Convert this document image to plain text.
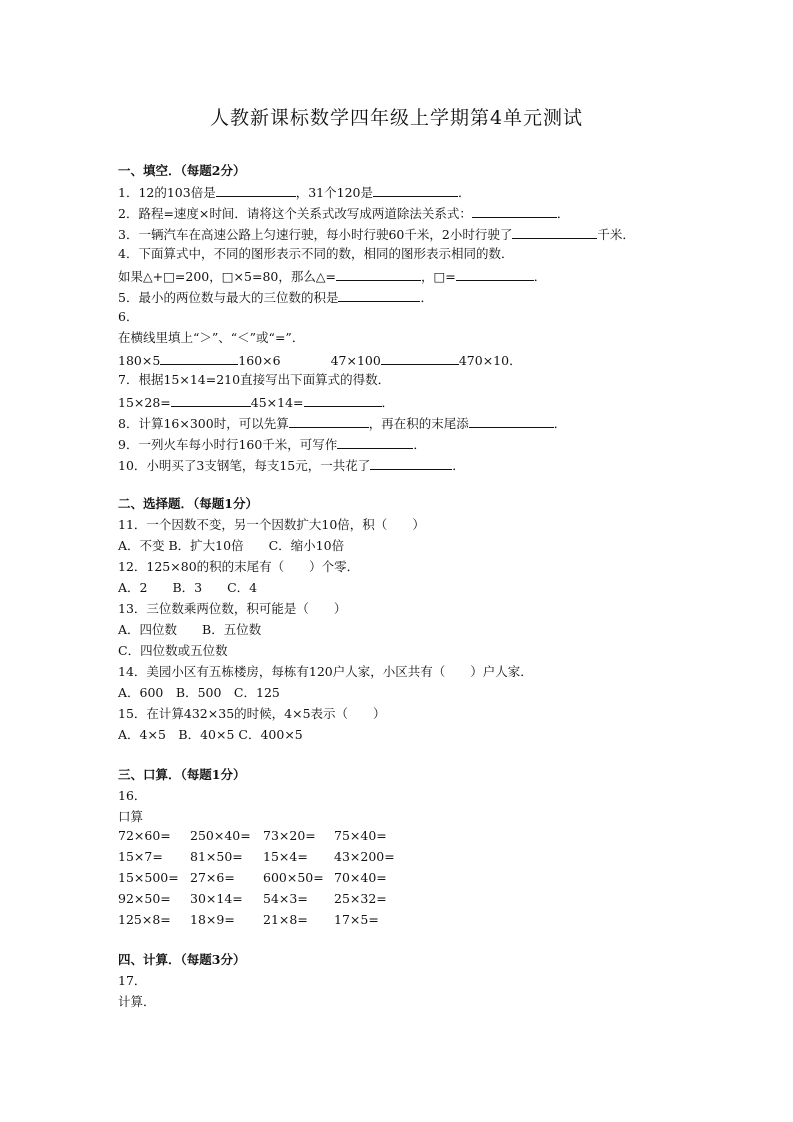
人教新课标数学四年级上学期第4单元测试
一、填空．（每题2分）
1．12的103倍是	，31个120是	．
2．路程=速度×时间．请将这个关系式改写成两道除法关系式：	．
3．一辆汽车在高速公路上匀速行驶，每小时行驶60千米，2小时行驶了	千米．
4．下面算式中，不同的图形表示不同的数，相同的图形表示相同的数．
如果△+□=200，□×5=80，那么△=	，□=	．
5．最小的两位数与最大的三位数的积是	．
6．
在横线里填上“＞”、“＜”或“=”．
180×5	160×6	47×100	470×10．
7．根据15×14=210直接写出下面算式的得数．
15×28=	45×14=	．
8．计算16×300时，可以先算	，再在积的末尾添	．
9．一列火车每小时行160千米，可写作	．
10．小明买了3支钢笔，每支15元，一共花了	．
二、选择题．（每题1分）
11．一个因数不变，另一个因数扩大10倍，积（　　）
A．不变 B．扩大10倍　　C．缩小10倍
12．125×80的积的末尾有（　　）个零．
A．2　　B．3　　C．4
13．三位数乘两位数，积可能是（　　）
A．四位数　　B．五位数
C．四位数或五位数
14．美园小区有五栋楼房，每栋有120户人家，小区共有（　　）户人家．
A．600　B．500　C．125
15．在计算432×35的时候，4×5表示（　　）
A．4×5　B．40×5 C．400×5
三、口算．（每题1分）
16．
口算
72×60= 250×40= 73×20= 75×40=
15×7= 81×50= 15×4= 43×200=
15×500= 27×6= 600×50= 70×40=
92×50= 30×14= 54×3= 25×32=
125×8= 18×9= 21×8= 17×5=
四、计算．（每题3分）
17．
计算．
